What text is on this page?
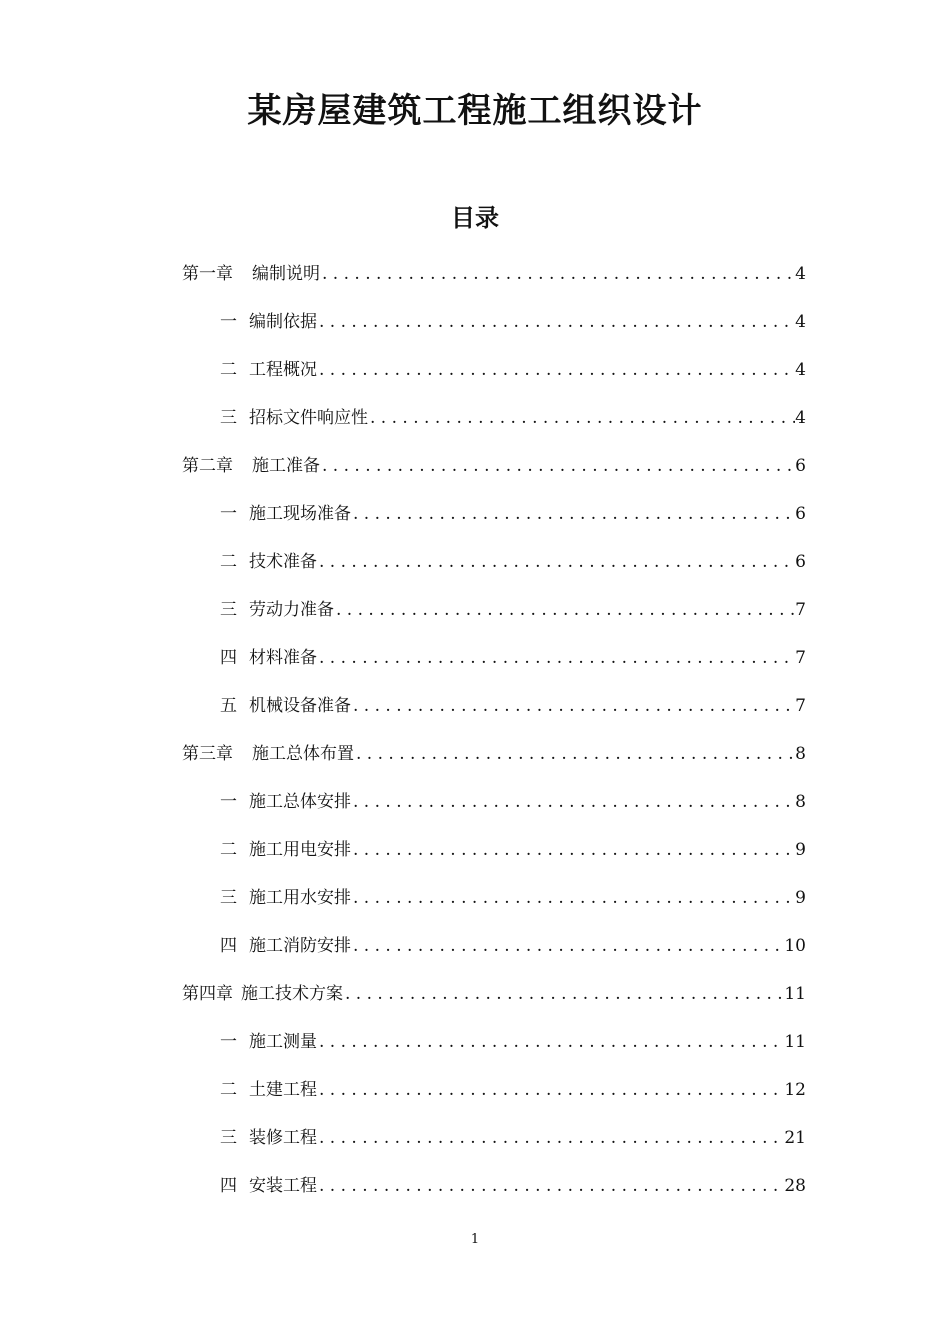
某房屋建筑工程施工组织设计
目录
第一章 编制说明 . . .	4
一 编制依据 . . .	4
二 工程概况 . . .	4
三 招标文件响应性 . . .	4
第二章 施工准备 . . .	6
一 施工现场准备 . . .	6
二 技术准备 . . .	6
三 劳动力准备 . . .	7
四 材料准备 . . .	7
五 机械设备准备 . . .	7
第三章 施工总体布置 . . .	8
一 施工总体安排 . . .	8
二 施工用电安排 . . .	9
三 施工用水安排 . . .	9
四 施工消防安排 . . .	10
第四章 施工技术方案 . . .	11
一 施工测量 . . .	11
二 土建工程 . . .	12
三 装修工程 . . .	21
四 安装工程 . . .	28
1
